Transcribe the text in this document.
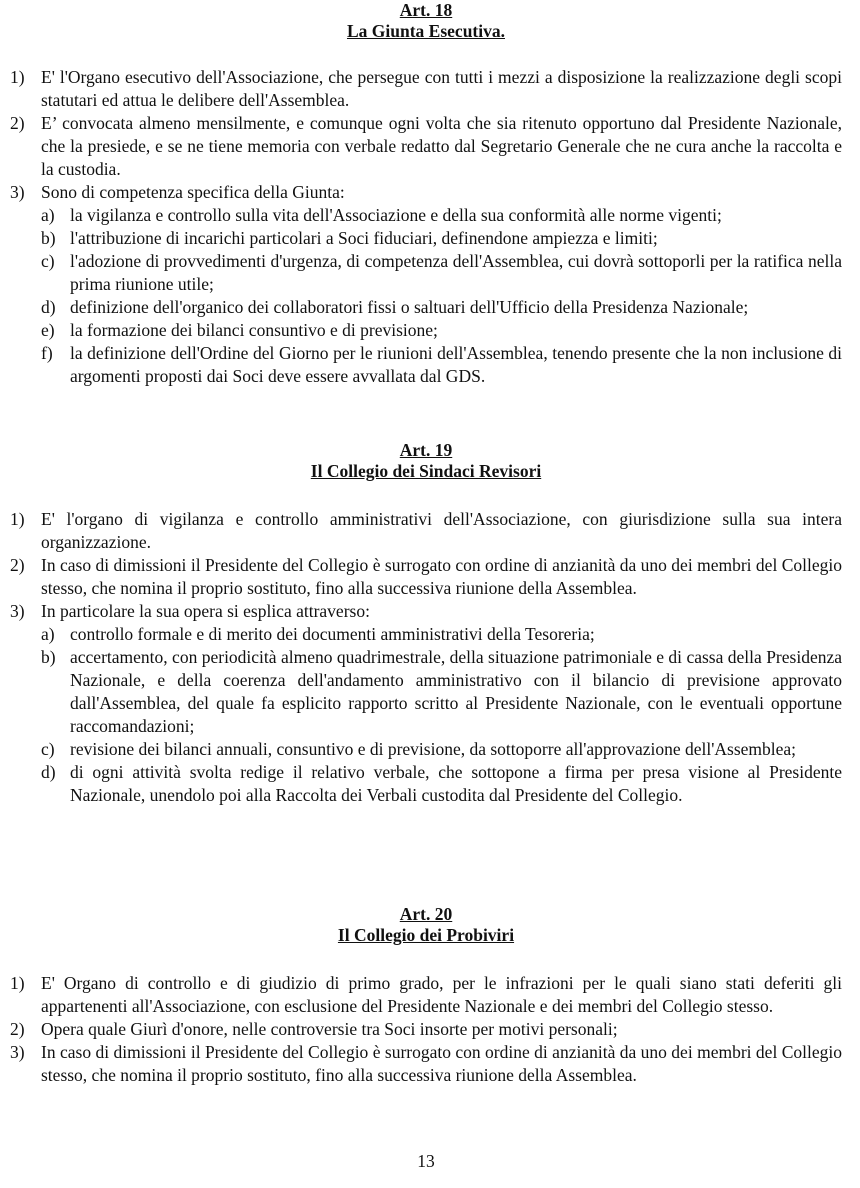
Art. 18
La Giunta Esecutiva.
1) E' l'Organo esecutivo dell'Associazione, che persegue con tutti i mezzi a disposizione la realizzazione degli scopi statutari ed attua le delibere dell'Assemblea.
2) E’ convocata almeno mensilmente, e comunque ogni volta che sia ritenuto opportuno dal Presidente Nazionale, che la presiede, e se ne tiene memoria con verbale redatto dal Segretario Generale che ne cura anche la raccolta e la custodia.
3) Sono di competenza specifica della Giunta:
a) la vigilanza e controllo sulla vita dell'Associazione e della sua conformità alle norme vigenti;
b) l'attribuzione di incarichi particolari a Soci fiduciari, definendone ampiezza e limiti;
c) l'adozione di provvedimenti d'urgenza, di competenza dell'Assemblea, cui dovrà sottoporli per la ratifica nella prima riunione utile;
d) definizione dell'organico dei collaboratori fissi o saltuari dell'Ufficio della Presidenza Nazionale;
e) la formazione dei bilanci consuntivo e di previsione;
f) la definizione dell'Ordine del Giorno per le riunioni dell'Assemblea, tenendo presente che la non inclusione di argomenti proposti dai Soci deve essere avvallata dal GDS.
Art. 19
Il Collegio dei Sindaci Revisori
1) E' l'organo di vigilanza e controllo amministrativi dell'Associazione, con giurisdizione sulla sua intera organizzazione.
2) In caso di dimissioni il Presidente del Collegio è surrogato con ordine di anzianità da uno dei membri del Collegio stesso, che nomina il proprio sostituto, fino alla successiva riunione della Assemblea.
3) In particolare la sua opera si esplica attraverso:
a) controllo formale e di merito dei documenti amministrativi della Tesoreria;
b) accertamento, con periodicità almeno quadrimestrale, della situazione patrimoniale e di cassa della Presidenza Nazionale, e della coerenza dell'andamento amministrativo con il bilancio di previsione approvato dall'Assemblea, del quale fa esplicito rapporto scritto al Presidente Nazionale, con le eventuali opportune raccomandazioni;
c) revisione dei bilanci annuali, consuntivo e di previsione, da sottoporre all'approvazione dell'Assemblea;
d) di ogni attività svolta redige il relativo verbale, che sottopone a firma per presa visione al Presidente Nazionale, unendolo poi alla Raccolta dei Verbali custodita dal Presidente del Collegio.
Art. 20
Il Collegio dei Probiviri
1) E' Organo di controllo e di giudizio di primo grado, per le infrazioni per le quali siano stati deferiti gli appartenenti all'Associazione, con esclusione del Presidente Nazionale e dei membri del Collegio stesso.
2) Opera quale Giurì d'onore, nelle controversie tra Soci insorte per motivi personali;
3) In caso di dimissioni il Presidente del Collegio è surrogato con ordine di anzianità da uno dei membri del Collegio stesso, che nomina il proprio sostituto, fino alla successiva riunione della Assemblea.
13
